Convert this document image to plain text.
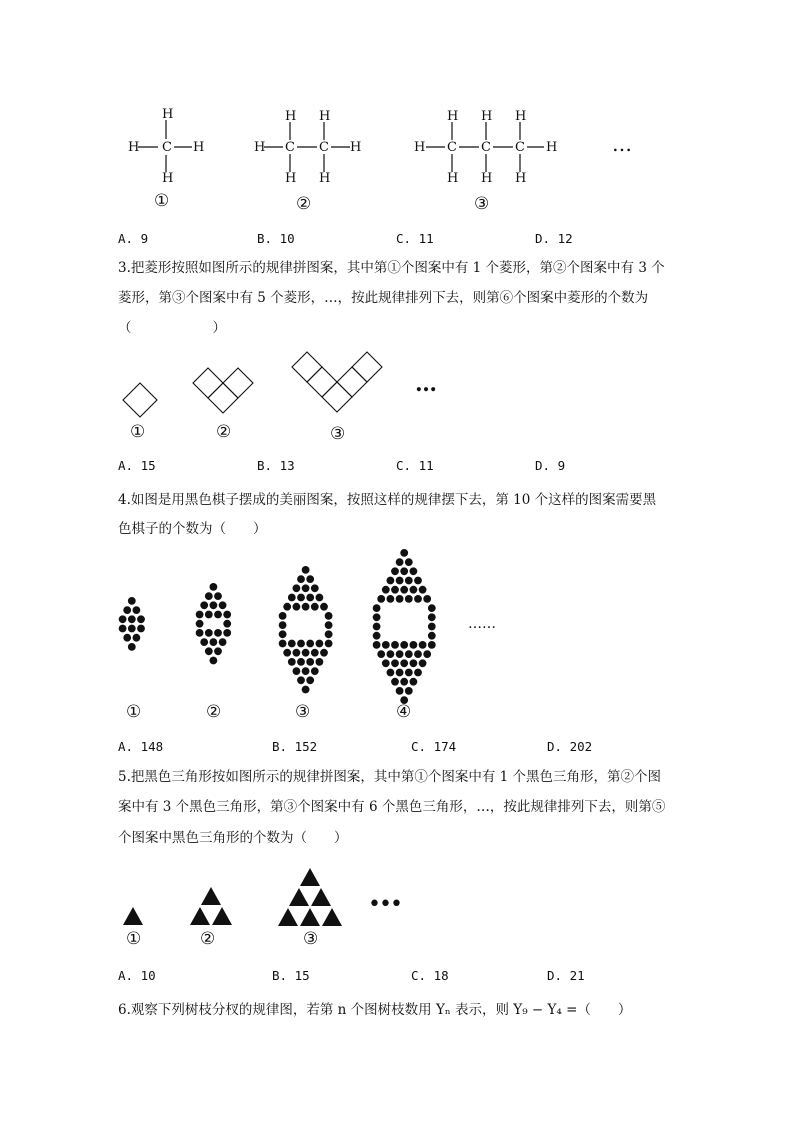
H
H C H
H
H H
H C C H
H H
H H H
H C C C H
H H H
…
①	②	③
A. 9	B. 10	C. 11	D. 12
3.把菱形按照如图所示的规律拼图案，其中第①个图案中有 1 个菱形，第②个图案中有 3 个
菱形，第③个图案中有 5 个菱形，…，按此规律排列下去，则第⑥个图案中菱形的个数为
（　　　　　　）
…
①	②	③
A. 15	B. 13	C. 11	D. 9
4.如图是用黑色棋子摆成的美丽图案，按照这样的规律摆下去，第 10 个这样的图案需要黑
色棋子的个数为（　　）
……
①	②	③	④
A. 148	B. 152	C. 174	D. 202
5.把黑色三角形按如图所示的规律拼图案，其中第①个图案中有 1 个黑色三角形，第②个图
案中有 3 个黑色三角形，第③个图案中有 6 个黑色三角形，…，按此规律排列下去，则第⑤
个图案中黑色三角形的个数为（　　）
•••
①	②	③
A. 10	B. 15	C. 18	D. 21
6.观察下列树枝分杈的规律图，若第 n 个图树枝数用 Yₙ 表示，则 Y₉ − Y₄ =（　　）
